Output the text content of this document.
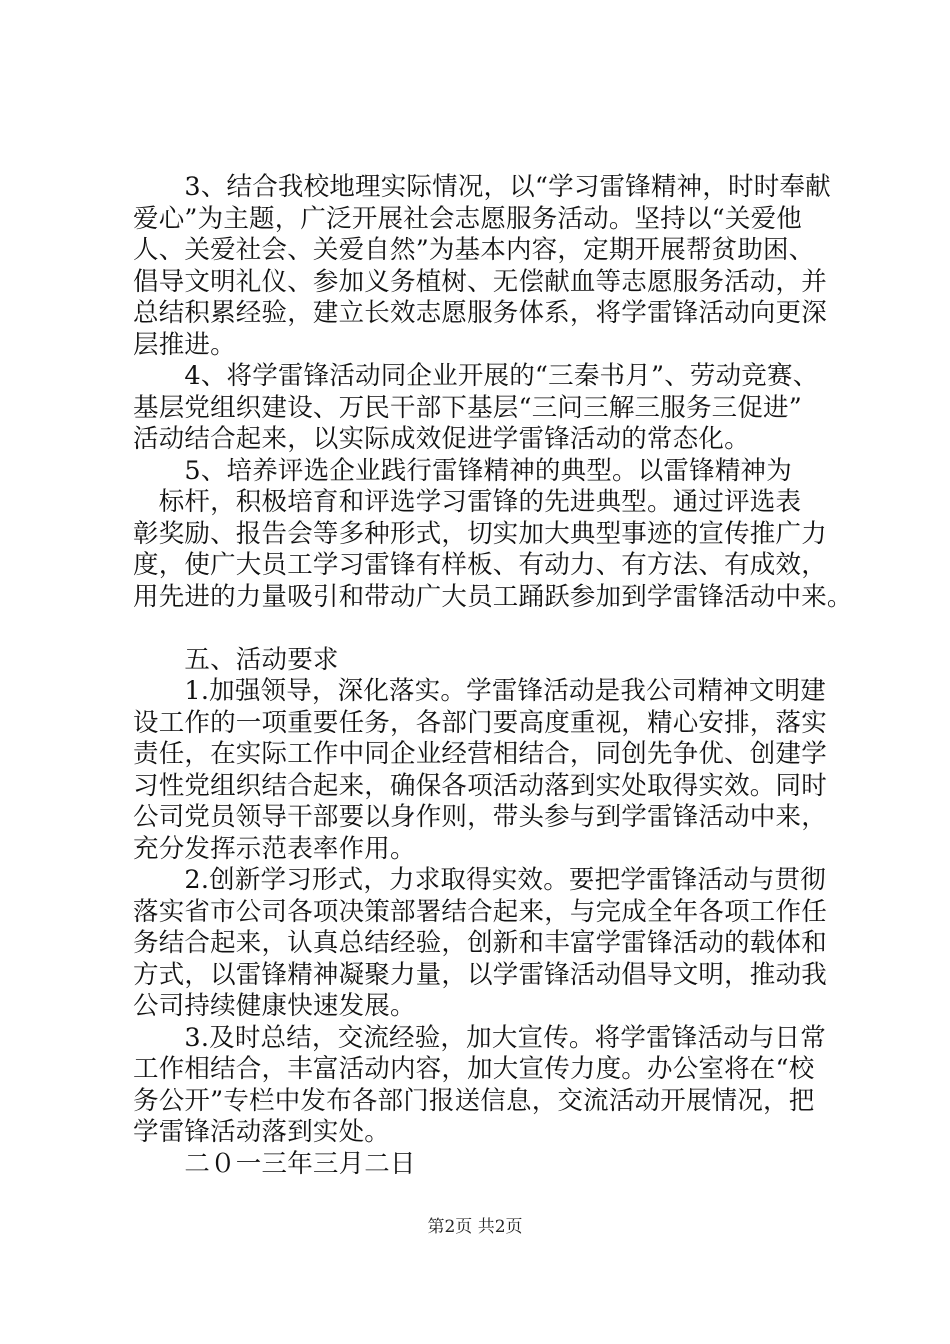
　　3、结合我校地理实际情况，以“学习雷锋精神，时时奉献
爱心”为主题，广泛开展社会志愿服务活动。坚持以“关爱他
人、关爱社会、关爱自然”为基本内容，定期开展帮贫助困、
倡导文明礼仪、参加义务植树、无偿献血等志愿服务活动，并
总结积累经验，建立长效志愿服务体系，将学雷锋活动向更深
层推进。
　　4、将学雷锋活动同企业开展的“三秦书月”、劳动竞赛、
基层党组织建设、万民干部下基层“三问三解三服务三促进”
活动结合起来，以实际成效促进学雷锋活动的常态化。
　　5、培养评选企业践行雷锋精神的典型。以雷锋精神为
　标杆，积极培育和评选学习雷锋的先进典型。通过评选表
彰奖励、报告会等多种形式，切实加大典型事迹的宣传推广力
度，使广大员工学习雷锋有样板、有动力、有方法、有成效，
用先进的力量吸引和带动广大员工踊跃参加到学雷锋活动中来。
　　五、活动要求
　　1.加强领导，深化落实。学雷锋活动是我公司精神文明建
设工作的一项重要任务，各部门要高度重视，精心安排，落实
责任，在实际工作中同企业经营相结合，同创先争优、创建学
习性党组织结合起来，确保各项活动落到实处取得实效。同时
公司党员领导干部要以身作则，带头参与到学雷锋活动中来，
充分发挥示范表率作用。
　　2.创新学习形式，力求取得实效。要把学雷锋活动与贯彻
落实省市公司各项决策部署结合起来，与完成全年各项工作任
务结合起来，认真总结经验，创新和丰富学雷锋活动的载体和
方式，以雷锋精神凝聚力量，以学雷锋活动倡导文明，推动我
公司持续健康快速发展。
　　3.及时总结，交流经验，加大宣传。将学雷锋活动与日常
工作相结合，丰富活动内容，加大宣传力度。办公室将在“校
务公开”专栏中发布各部门报送信息，交流活动开展情况，把
学雷锋活动落到实处。
　　二０一三年三月二日
第2页 共2页
